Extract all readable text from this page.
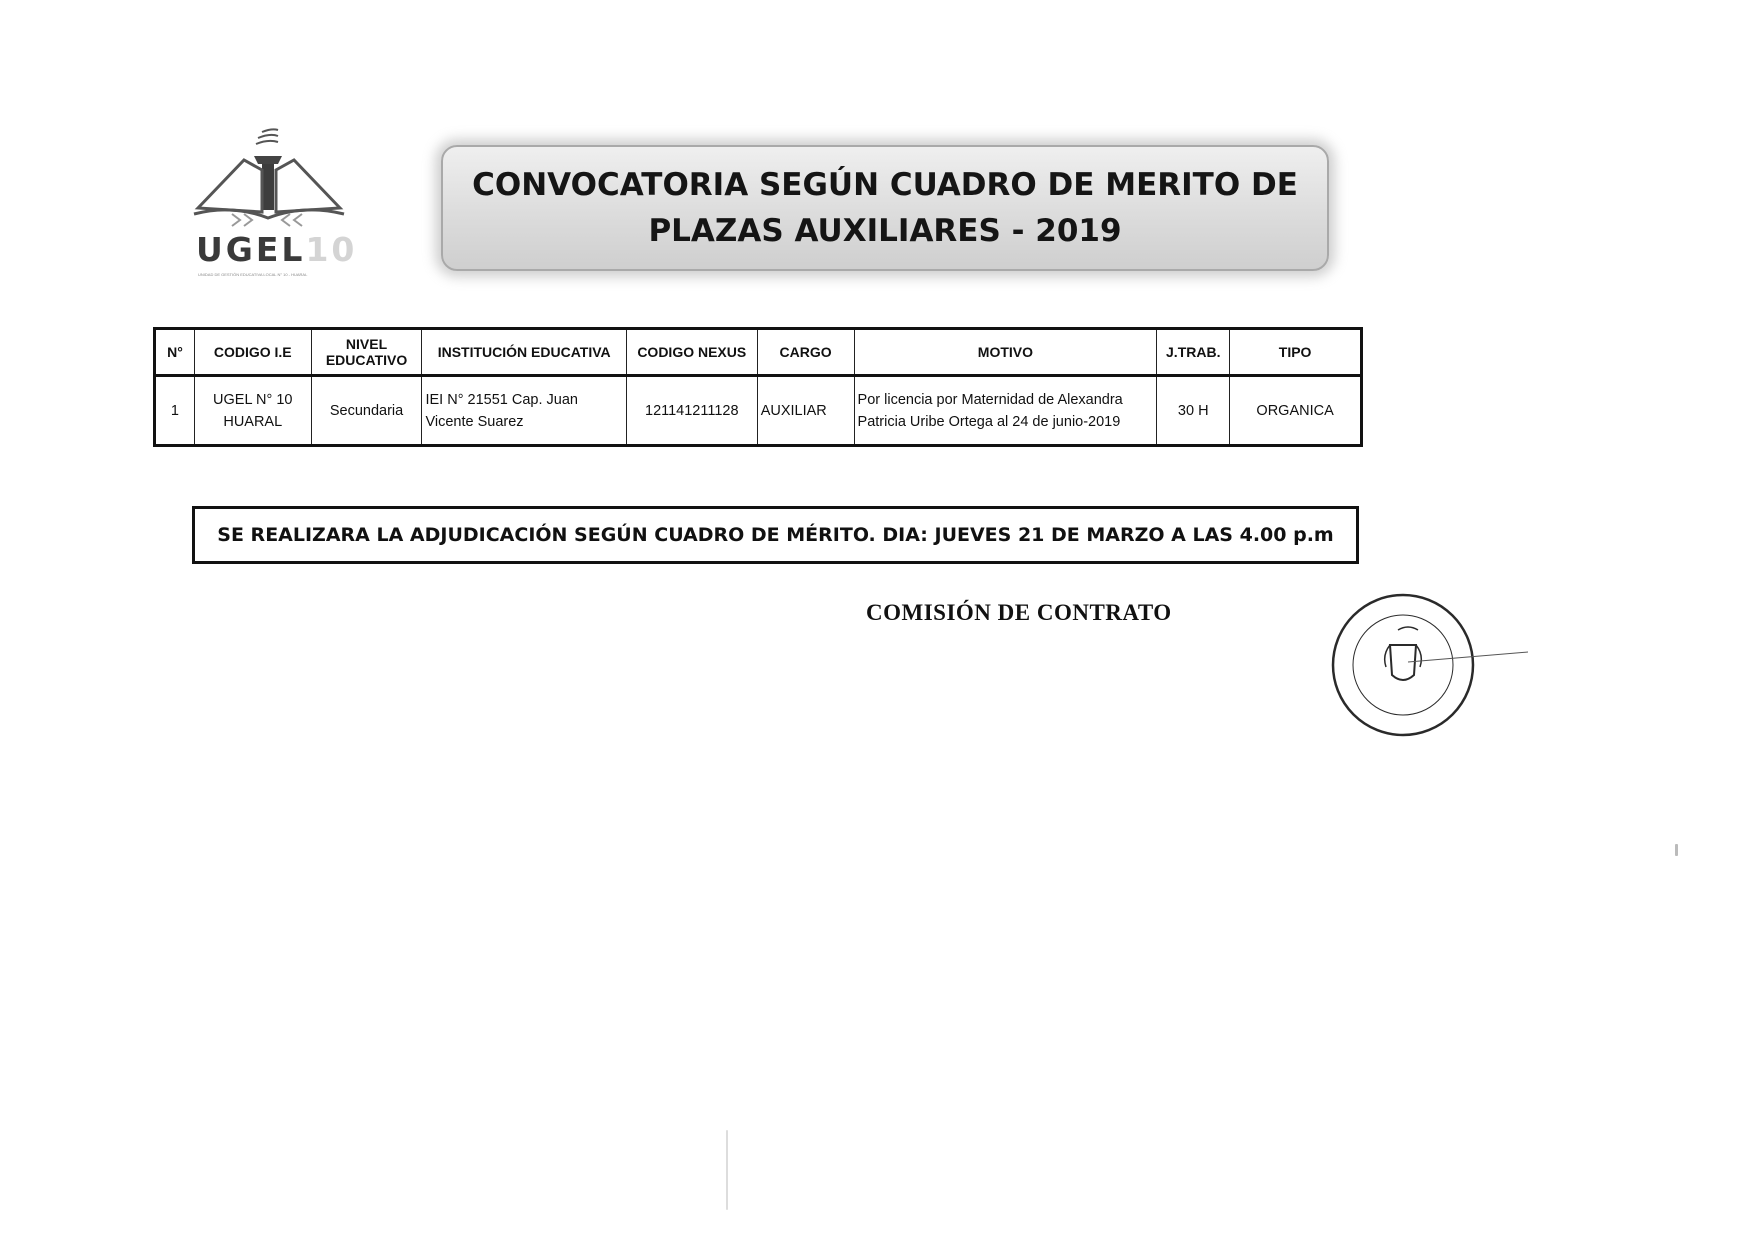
UGEL10
UNIDAD DE GESTIÓN EDUCATIVA LOCAL N° 10 - HUARAL
CONVOCATORIA SEGÚN CUADRO DE MERITO DE
PLAZAS AUXILIARES - 2019
N°	CODIGO I.E	NIVEL EDUCATIVO	INSTITUCIÓN EDUCATIVA	CODIGO NEXUS	CARGO	MOTIVO	J.TRAB.	TIPO
1	UGEL N° 10 HUARAL	Secundaria	IEI N° 21551 Cap. Juan Vicente Suarez	121141211128	AUXILIAR	Por licencia por Maternidad de Alexandra Patricia Uribe Ortega al 24 de junio-2019	30 H	ORGANICA
SE REALIZARA LA ADJUDICACIÓN SEGÚN CUADRO DE MÉRITO. DIA: JUEVES 21 DE MARZO A LAS 4.00 p.m
COMISIÓN DE CONTRATO
